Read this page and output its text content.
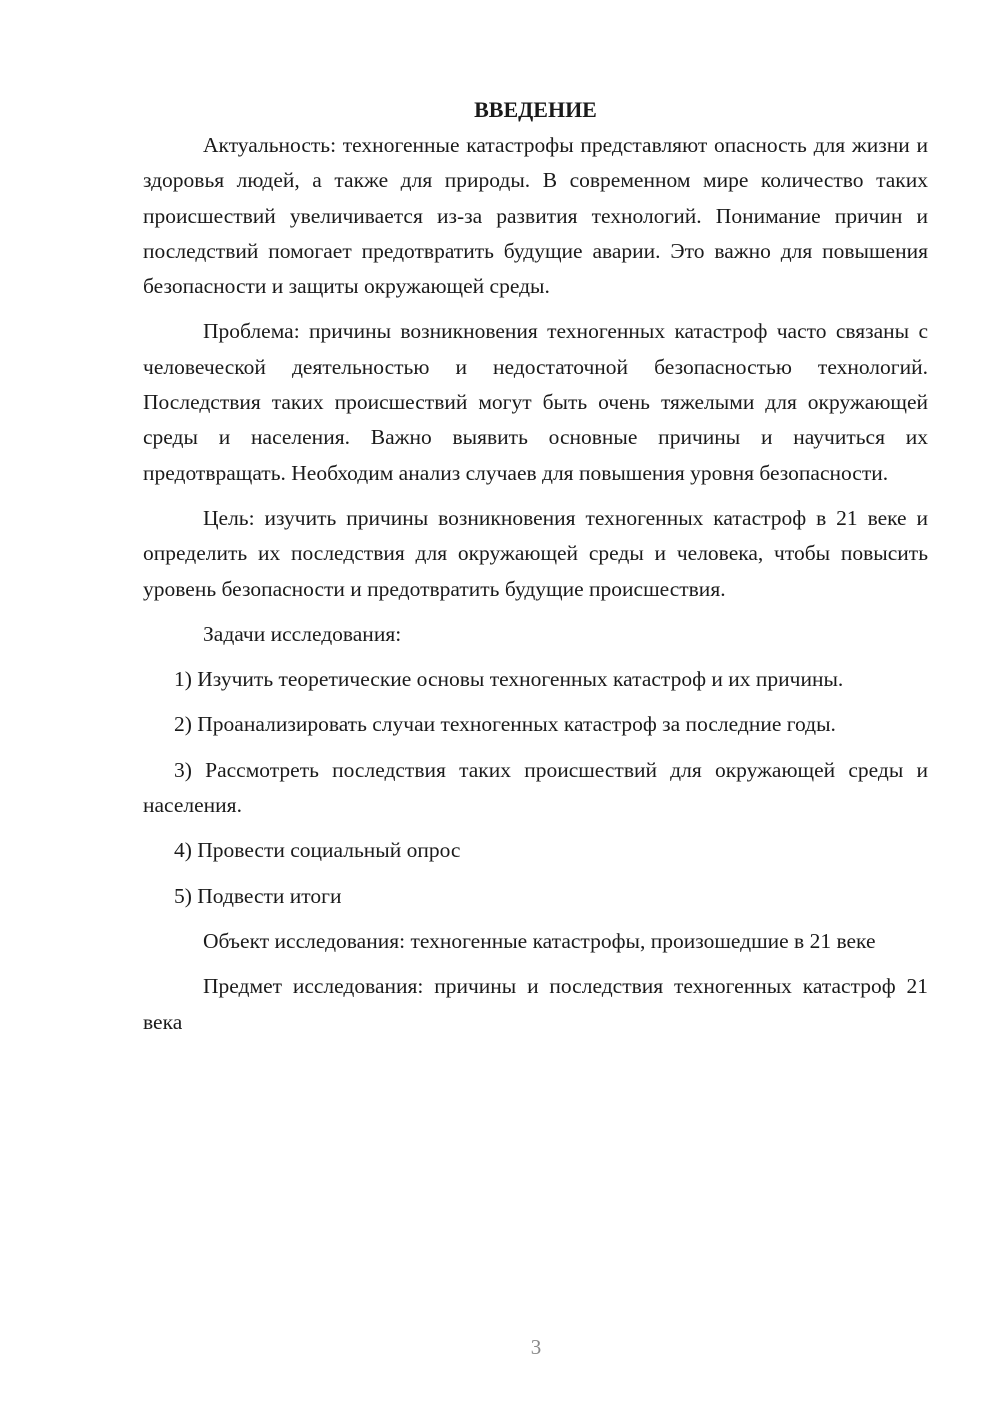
ВВЕДЕНИЕ

Актуальность: техногенные катастрофы представляют опасность для жизни и здоровья людей, а также для природы. В современном мире количество таких происшествий увеличивается из-за развития технологий. Понимание причин и последствий помогает предотвратить будущие аварии. Это важно для повышения безопасности и защиты окружающей среды.

Проблема: причины возникновения техногенных катастроф часто связаны с человеческой деятельностью и недостаточной безопасностью технологий. Последствия таких происшествий могут быть очень тяжелыми для окружающей среды и населения. Важно выявить основные причины и научиться их предотвращать. Необходим анализ случаев для повышения уровня безопасности.

Цель: изучить причины возникновения техногенных катастроф в 21 веке и определить их последствия для окружающей среды и человека, чтобы повысить уровень безопасности и предотвратить будущие происшествия.

Задачи исследования:

1) Изучить теоретические основы техногенных катастроф и их причины.

2) Проанализировать случаи техногенных катастроф за последние годы.

3) Рассмотреть последствия таких происшествий для окружающей среды и населения.

4) Провести социальный опрос

5) Подвести итоги

Объект исследования: техногенные катастрофы, произошедшие в 21 веке

Предмет исследования: причины и последствия техногенных катастроф 21 века

3
